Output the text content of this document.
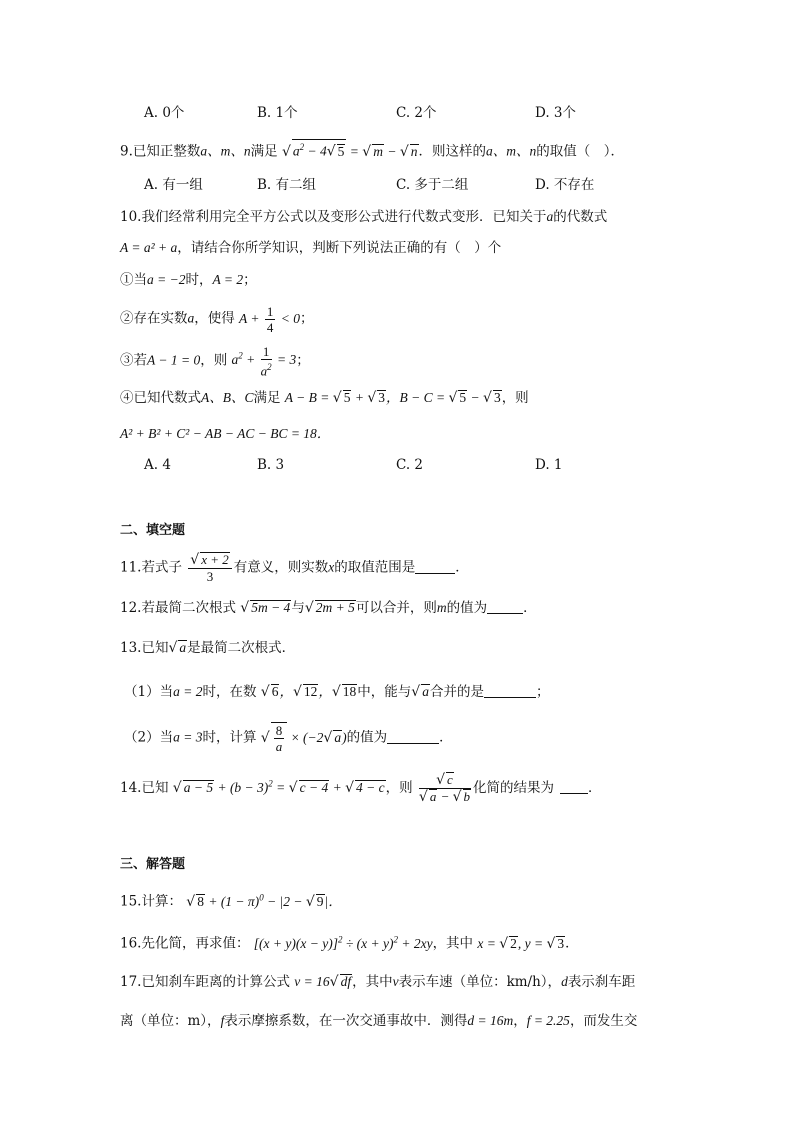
A. 0个	B. 1个	C. 2个	D. 3个
9.已知正整数a、m、n满足 √ $a^2 - 4√$ 5 = √ m − √ n．则这样的a、m、n的取值（　）．
A. 有一组	B. 有二组	C. 多于二组	D. 不存在
10.我们经常利用完全平方公式以及变形公式进行代数式变形．已知关于a的代数式
A = a² + a，请结合你所学知识，判断下列说法正确的有（　）个
①当a = −2时，A = 2；
②存在实数a，使得 $A + \frac{1}{4} < 0$；
③若A − 1 = 0，则 $a^2 + \frac{1}{a^2} = 3$；
④已知代数式A、B、C满足 A − B = √ 5 + √ 3，B − C = √ 5 − √ 3，则
A² + B² + C² − AB − AC − BC = 18．
A. 4	B. 3	C. 2	D. 1
二、填空题
11.若式子 $\frac{√ x + 2}{3}$ 有意义，则实数x的取值范围是	．
12.若最简二次根式 √ 5m − 4与√ 2m + 5可以合并，则m的值为	．
13.已知√ a是最简二次根式．
（1）当a = 2时，在数 √ 6，√ 12，√ 18中，能与√ a合并的是	；
（2）当a = 3时，计算 √ $\frac{8}{a} \times (-2√$ a)的值为	．
14.已知 √ $a - 5 + (b - 3)^2$ = √ c − 4 + √ 4 − c，则 $\frac{√ c}{√ a - √ b}$ 化简的结果为	．
三、解答题
15.计算： √ $8 + (1 - \pi)^0 - |2$ − √ 9|．
16.先化简，再求值： $[(x + y)(x - y)]^2 \div (x + y)^2 + 2xy$，其中 x = √ 2, y = √ 3．
17.已知刹车距离的计算公式 v = 16√ df，其中v表示车速（单位：km/h），d表示刹车距
离（单位：m），f表示摩擦系数，在一次交通事故中．测得d = 16m，f = 2.25，而发生交
